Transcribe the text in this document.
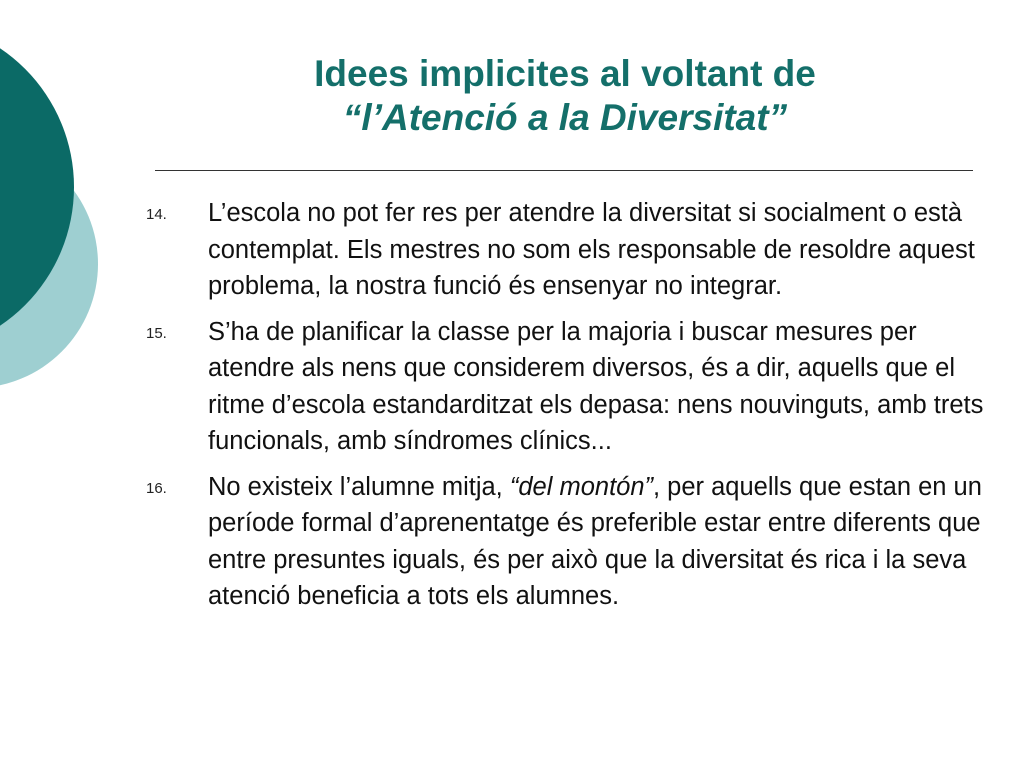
Idees implicites al voltant de
“l’Atenció a la Diversitat”
14.	L’escola no pot fer res per atendre la diversitat si socialment o està contemplat. Els mestres no som els responsable de resoldre aquest problema, la nostra funció és ensenyar no integrar.
15.	S’ha de planificar la classe per la majoria i buscar mesures per atendre als nens que considerem diversos, és a dir, aquells que el ritme d’escola estandarditzat els depasa: nens nouvinguts, amb trets funcionals, amb síndromes clínics...
16.	No existeix l’alumne mitja, “del montón”, per aquells que estan en un període formal d’aprenentatge és preferible estar entre diferents que entre presuntes iguals, és per això que la diversitat és rica i la seva atenció beneficia a tots els alumnes.
